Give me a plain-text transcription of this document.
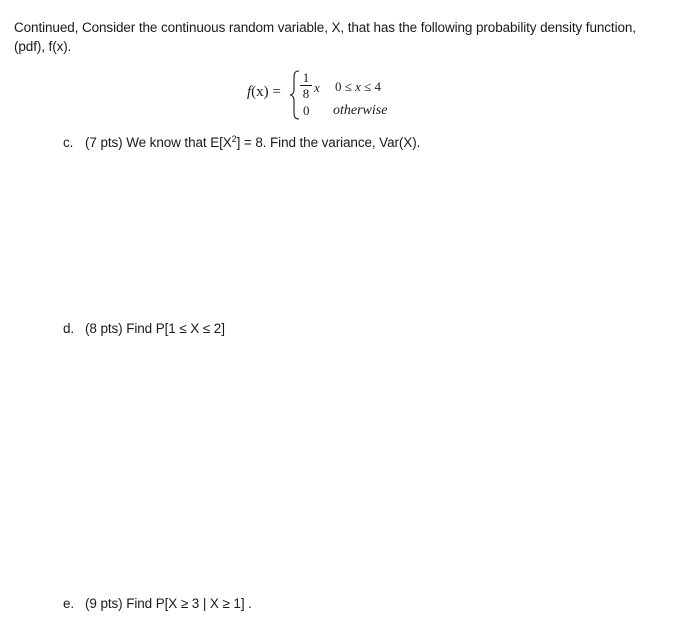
Continued, Consider the continuous random variable, X, that has the following probability density function, (pdf), f(x).
f(x) =
1
8 x 0 ≤ x ≤ 4
0 otherwise
c. (7 pts) We know that $E[X^2] = 8$. Find the variance, Var(X).
d. (8 pts) Find P[1 ≤ X ≤ 2]
e. (9 pts) Find P[X ≥ 3 | X ≥ 1] .
